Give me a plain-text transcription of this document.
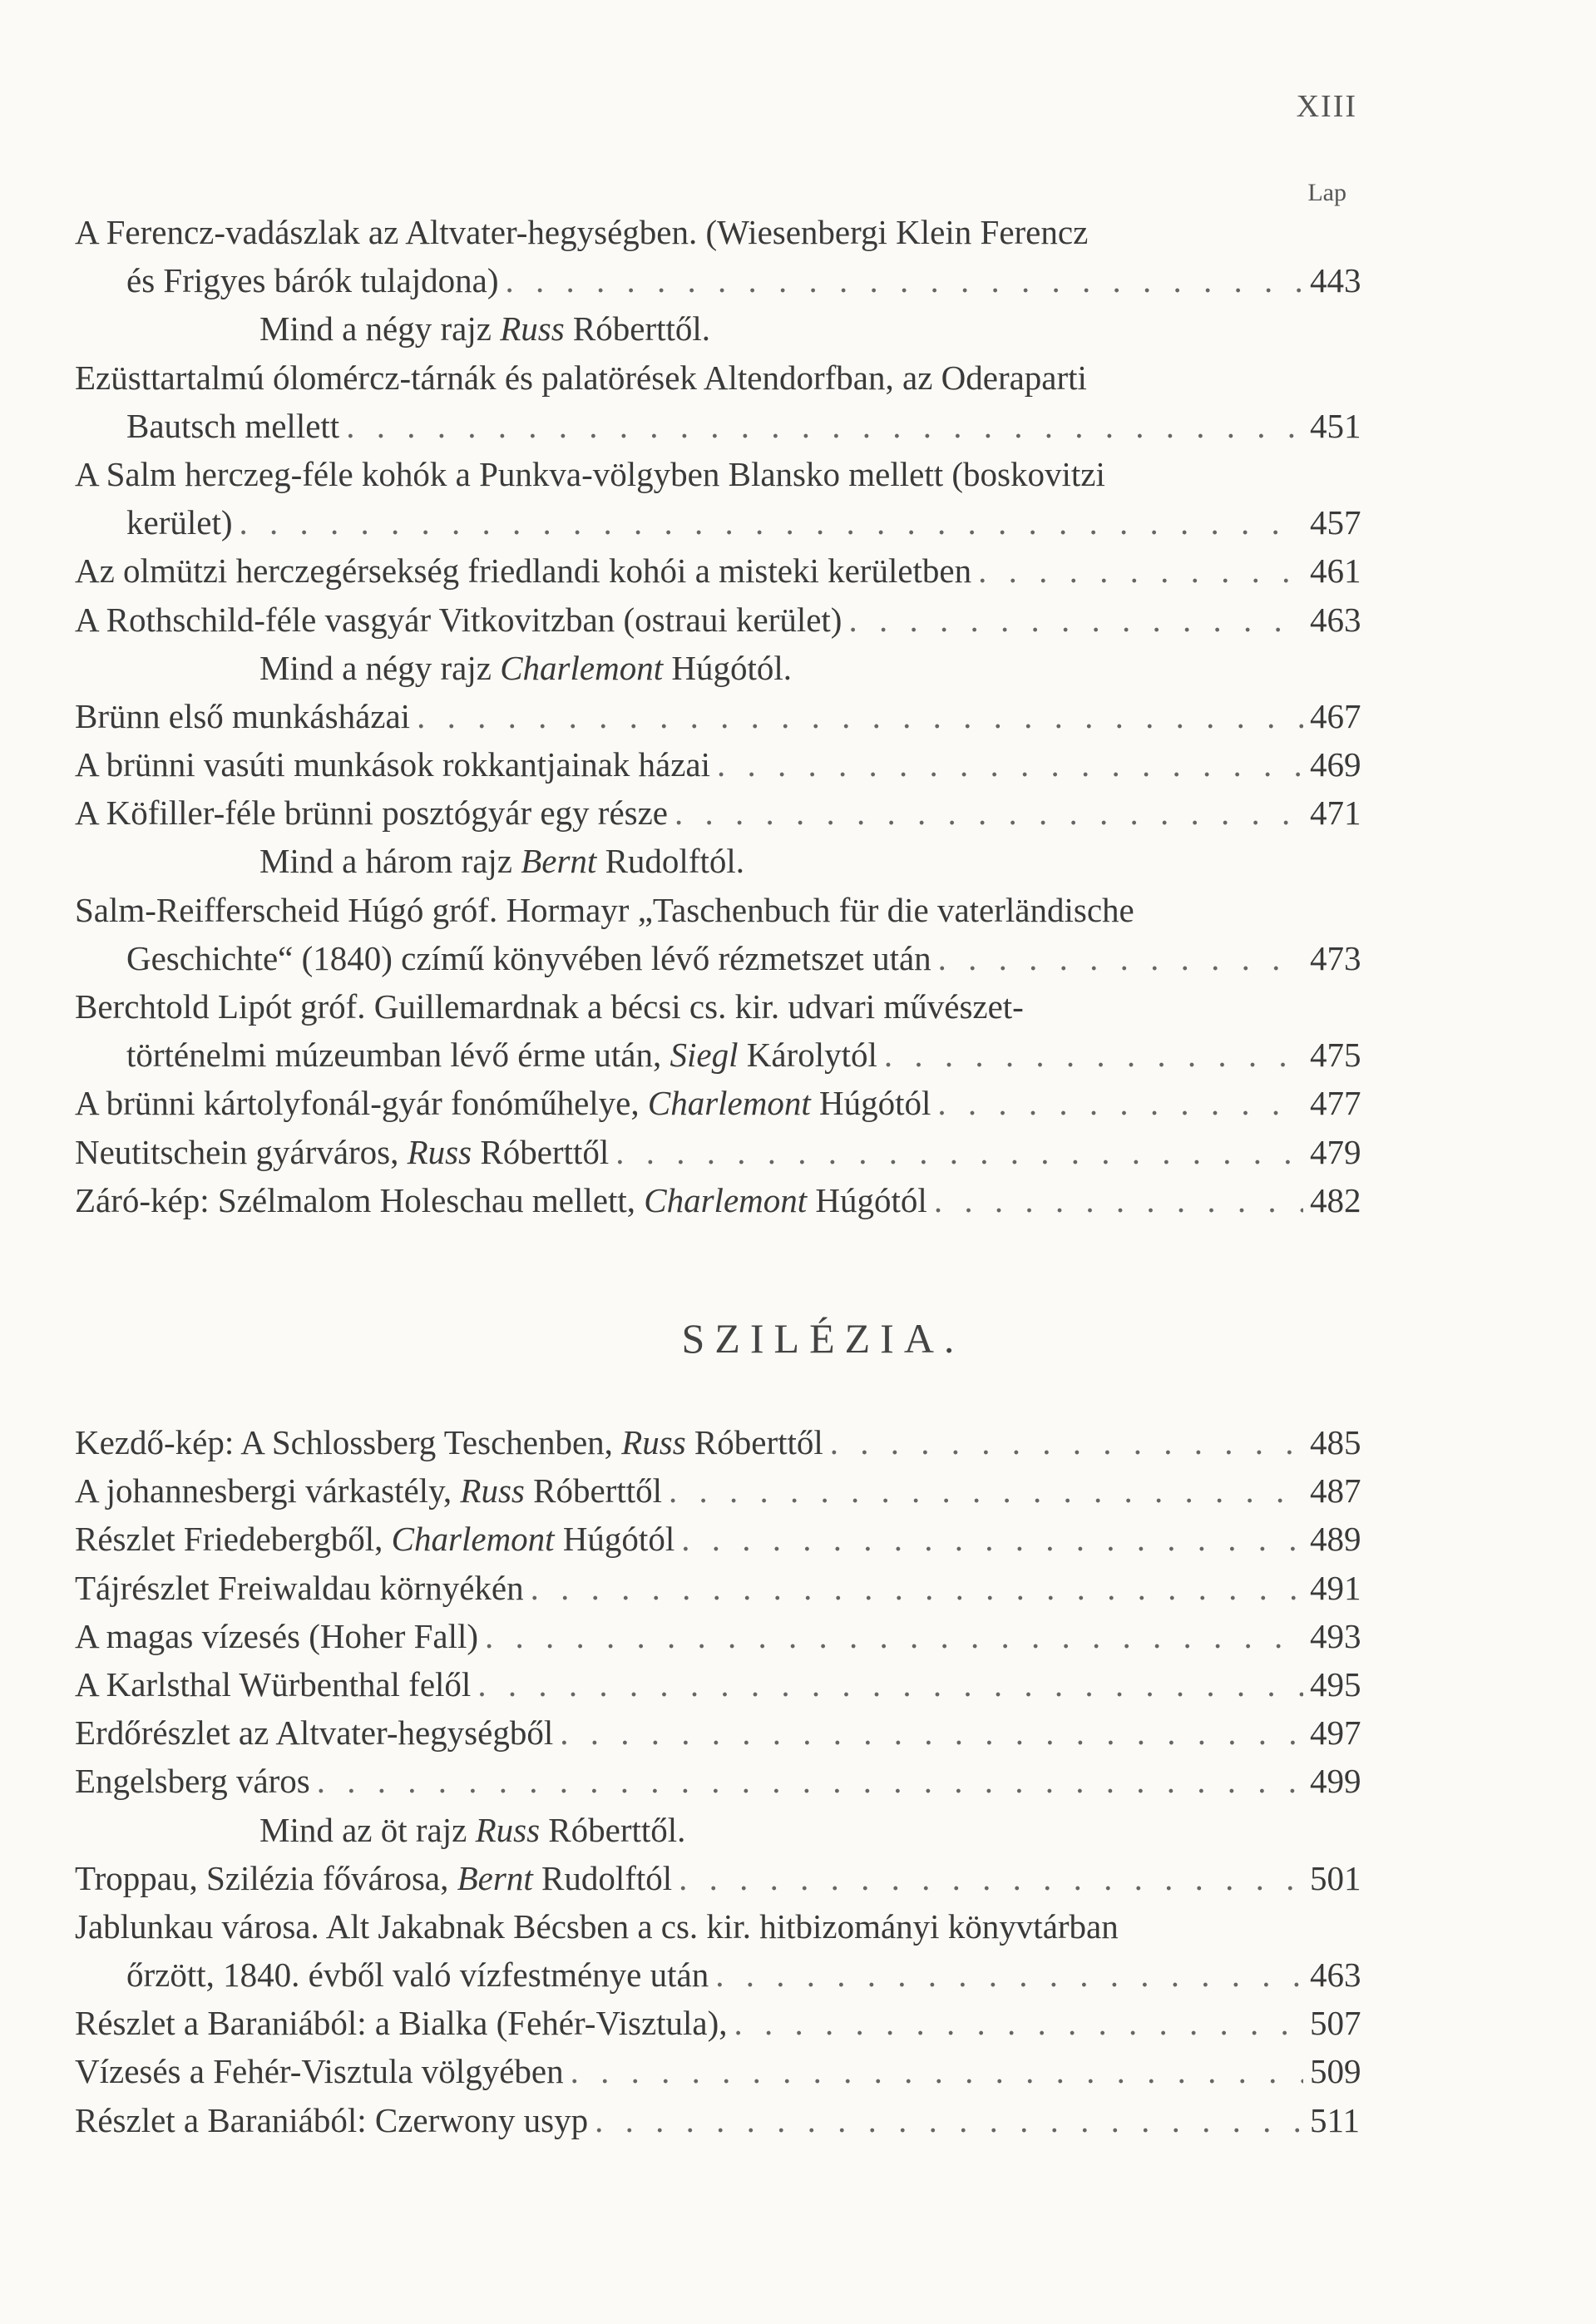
XIII
Lap
A Ferencz-vadászlak az Altvater-hegységben. (Wiesenbergi Klein Ferencz
és Frigyes bárók tulajdona) . . .	443
Mind a négy rajz Russ Róberttől.
Ezüsttartalmú ólomércz-tárnák és palatörések Altendorfban, az Oderaparti
Bautsch mellett . . .	451
A Salm herczeg-féle kohók a Punkva-völgyben Blansko mellett (boskovitzi
kerület) . . .	457
Az olmützi herczegérsekség friedlandi kohói a misteki kerületben . . .	461
A Rothschild-féle vasgyár Vitkovitzban (ostraui kerület) . . .	463
Mind a négy rajz Charlemont Húgótól.
Brünn első munkásházai . . .	467
A brünni vasúti munkások rokkantjainak házai . . .	469
A Köfiller-féle brünni posztógyár egy része . . .	471
Mind a három rajz Bernt Rudolftól.
Salm-Reifferscheid Húgó gróf. Hormayr „Taschenbuch für die vaterländische
Geschichte“ (1840) czímű könyvében lévő rézmetszet után . . .	473
Berchtold Lipót gróf. Guillemardnak a bécsi cs. kir. udvari művészet-
történelmi múzeumban lévő érme után, Siegl Károlytól . . .	475
A brünni kártolyfonál-gyár fonóműhelye, Charlemont Húgótól . . .	477
Neutitschein gyárváros, Russ Róberttől . . .	479
Záró-kép: Szélmalom Holeschau mellett, Charlemont Húgótól . . .	482
SZILÉZIA.
Kezdő-kép: A Schlossberg Teschenben, Russ Róberttől . . .	485
A johannesbergi várkastély, Russ Róberttől . . .	487
Részlet Friedebergből, Charlemont Húgótól . . .	489
Tájrészlet Freiwaldau környékén . . .	491
A magas vízesés (Hoher Fall) . . .	493
A Karlsthal Würbenthal felől . . .	495
Erdőrészlet az Altvater-hegységből . . .	497
Engelsberg város . . .	499
Mind az öt rajz Russ Róberttől.
Troppau, Szilézia fővárosa, Bernt Rudolftól . . .	501
Jablunkau városa. Alt Jakabnak Bécsben a cs. kir. hitbizományi könyvtárban
őrzött, 1840. évből való vízfestménye után . . .	463
Részlet a Baraniából: a Bialka (Fehér-Visztula), . . .	507
Vízesés a Fehér-Visztula völgyében . . .	509
Részlet a Baraniából: Czerwony usyp . . .	511
